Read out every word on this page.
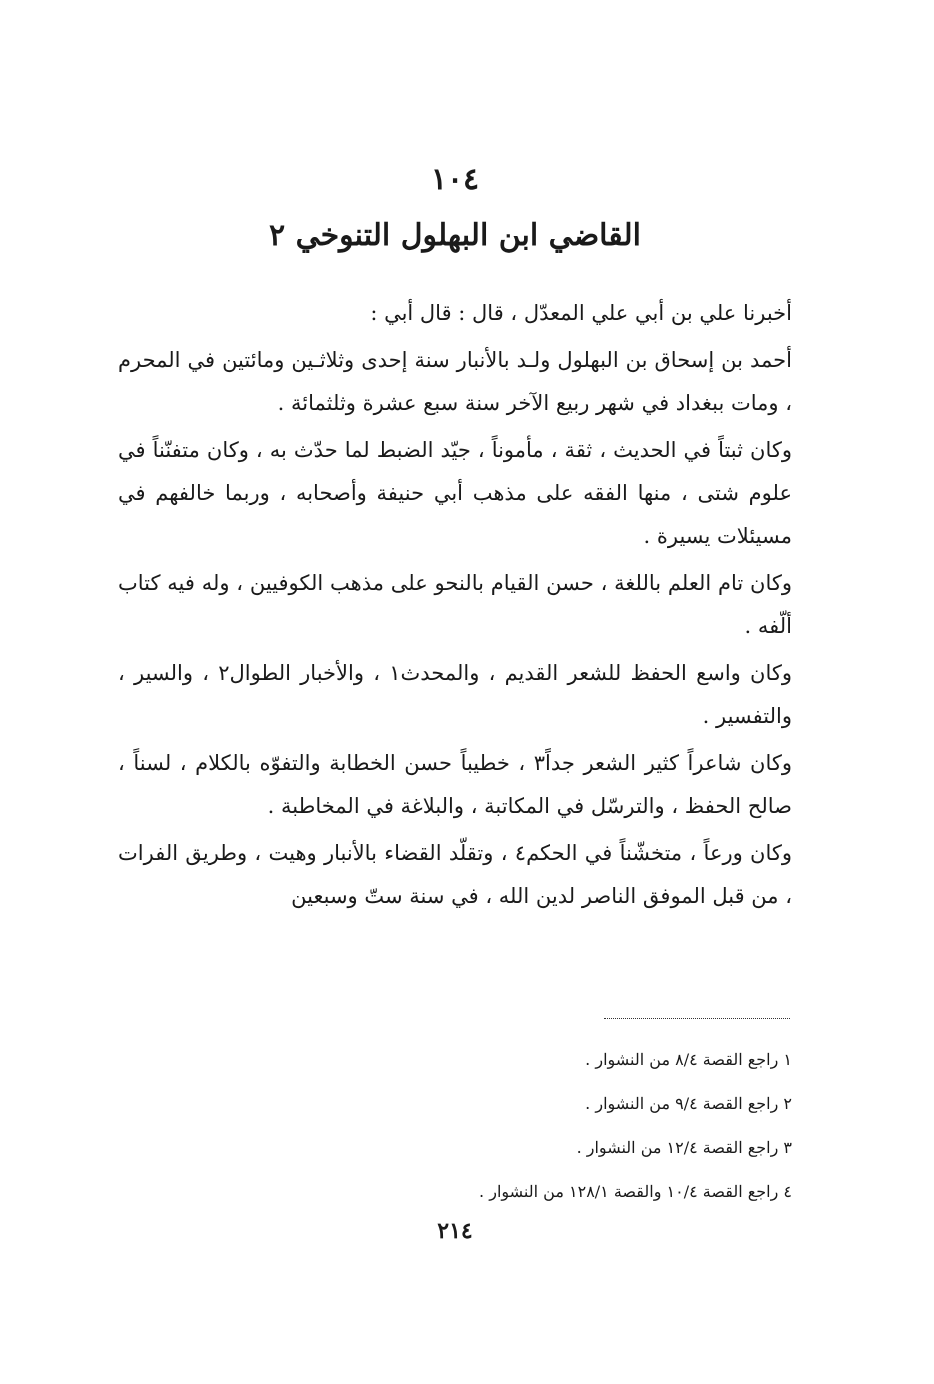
١٠٤
القاضي ابن البهلول التنوخي ٢

أخبرنا علي بن أبي علي المعدّل ، قال : قال أبي :

أحمد بن إسحاق بن البهلول ولـد بالأنبار سنة إحدى وثلاثـين ومائتين في المحرم ، ومات ببغداد في شهر ربيع الآخر سنة سبع عشرة وثلثمائة .

وكان ثبتاً في الحديث ، ثقة ، مأموناً ، جيّد الضبط لما حدّث به ، وكان متفنّناً في علوم شتى ، منها الفقه على مذهب أبي حنيفة وأصحابه ، وربما خالفهم في مسيئلات يسيرة .

وكان تام العلم باللغة ، حسن القيام بالنحو على مذهب الكوفيين ، وله فيه كتاب ألّفه .

وكان واسع الحفظ للشعر القديم ، والمحدث١ ، والأخبار الطوال٢ ، والسير ، والتفسير .

وكان شاعراً كثير الشعر جداً٣ ، خطيباً حسن الخطابة والتفوّه بالكلام ، لسناً ، صالح الحفظ ، والترسّل في المكاتبة ، والبلاغة في المخاطبة .

وكان ورعاً ، متخشّناً في الحكم٤ ، وتقلّد القضاء بالأنبار وهيت ، وطريق الفرات ، من قبل الموفق الناصر لدين الله ، في سنة ستّ وسبعين

١ راجع القصة ٨/٤ من النشوار .
٢ راجع القصة ٩/٤ من النشوار .
٣ راجع القصة ١٢/٤ من النشوار .
٤ راجع القصة ١٠/٤ والقصة ١٢٨/١ من النشوار .
٢١٤
